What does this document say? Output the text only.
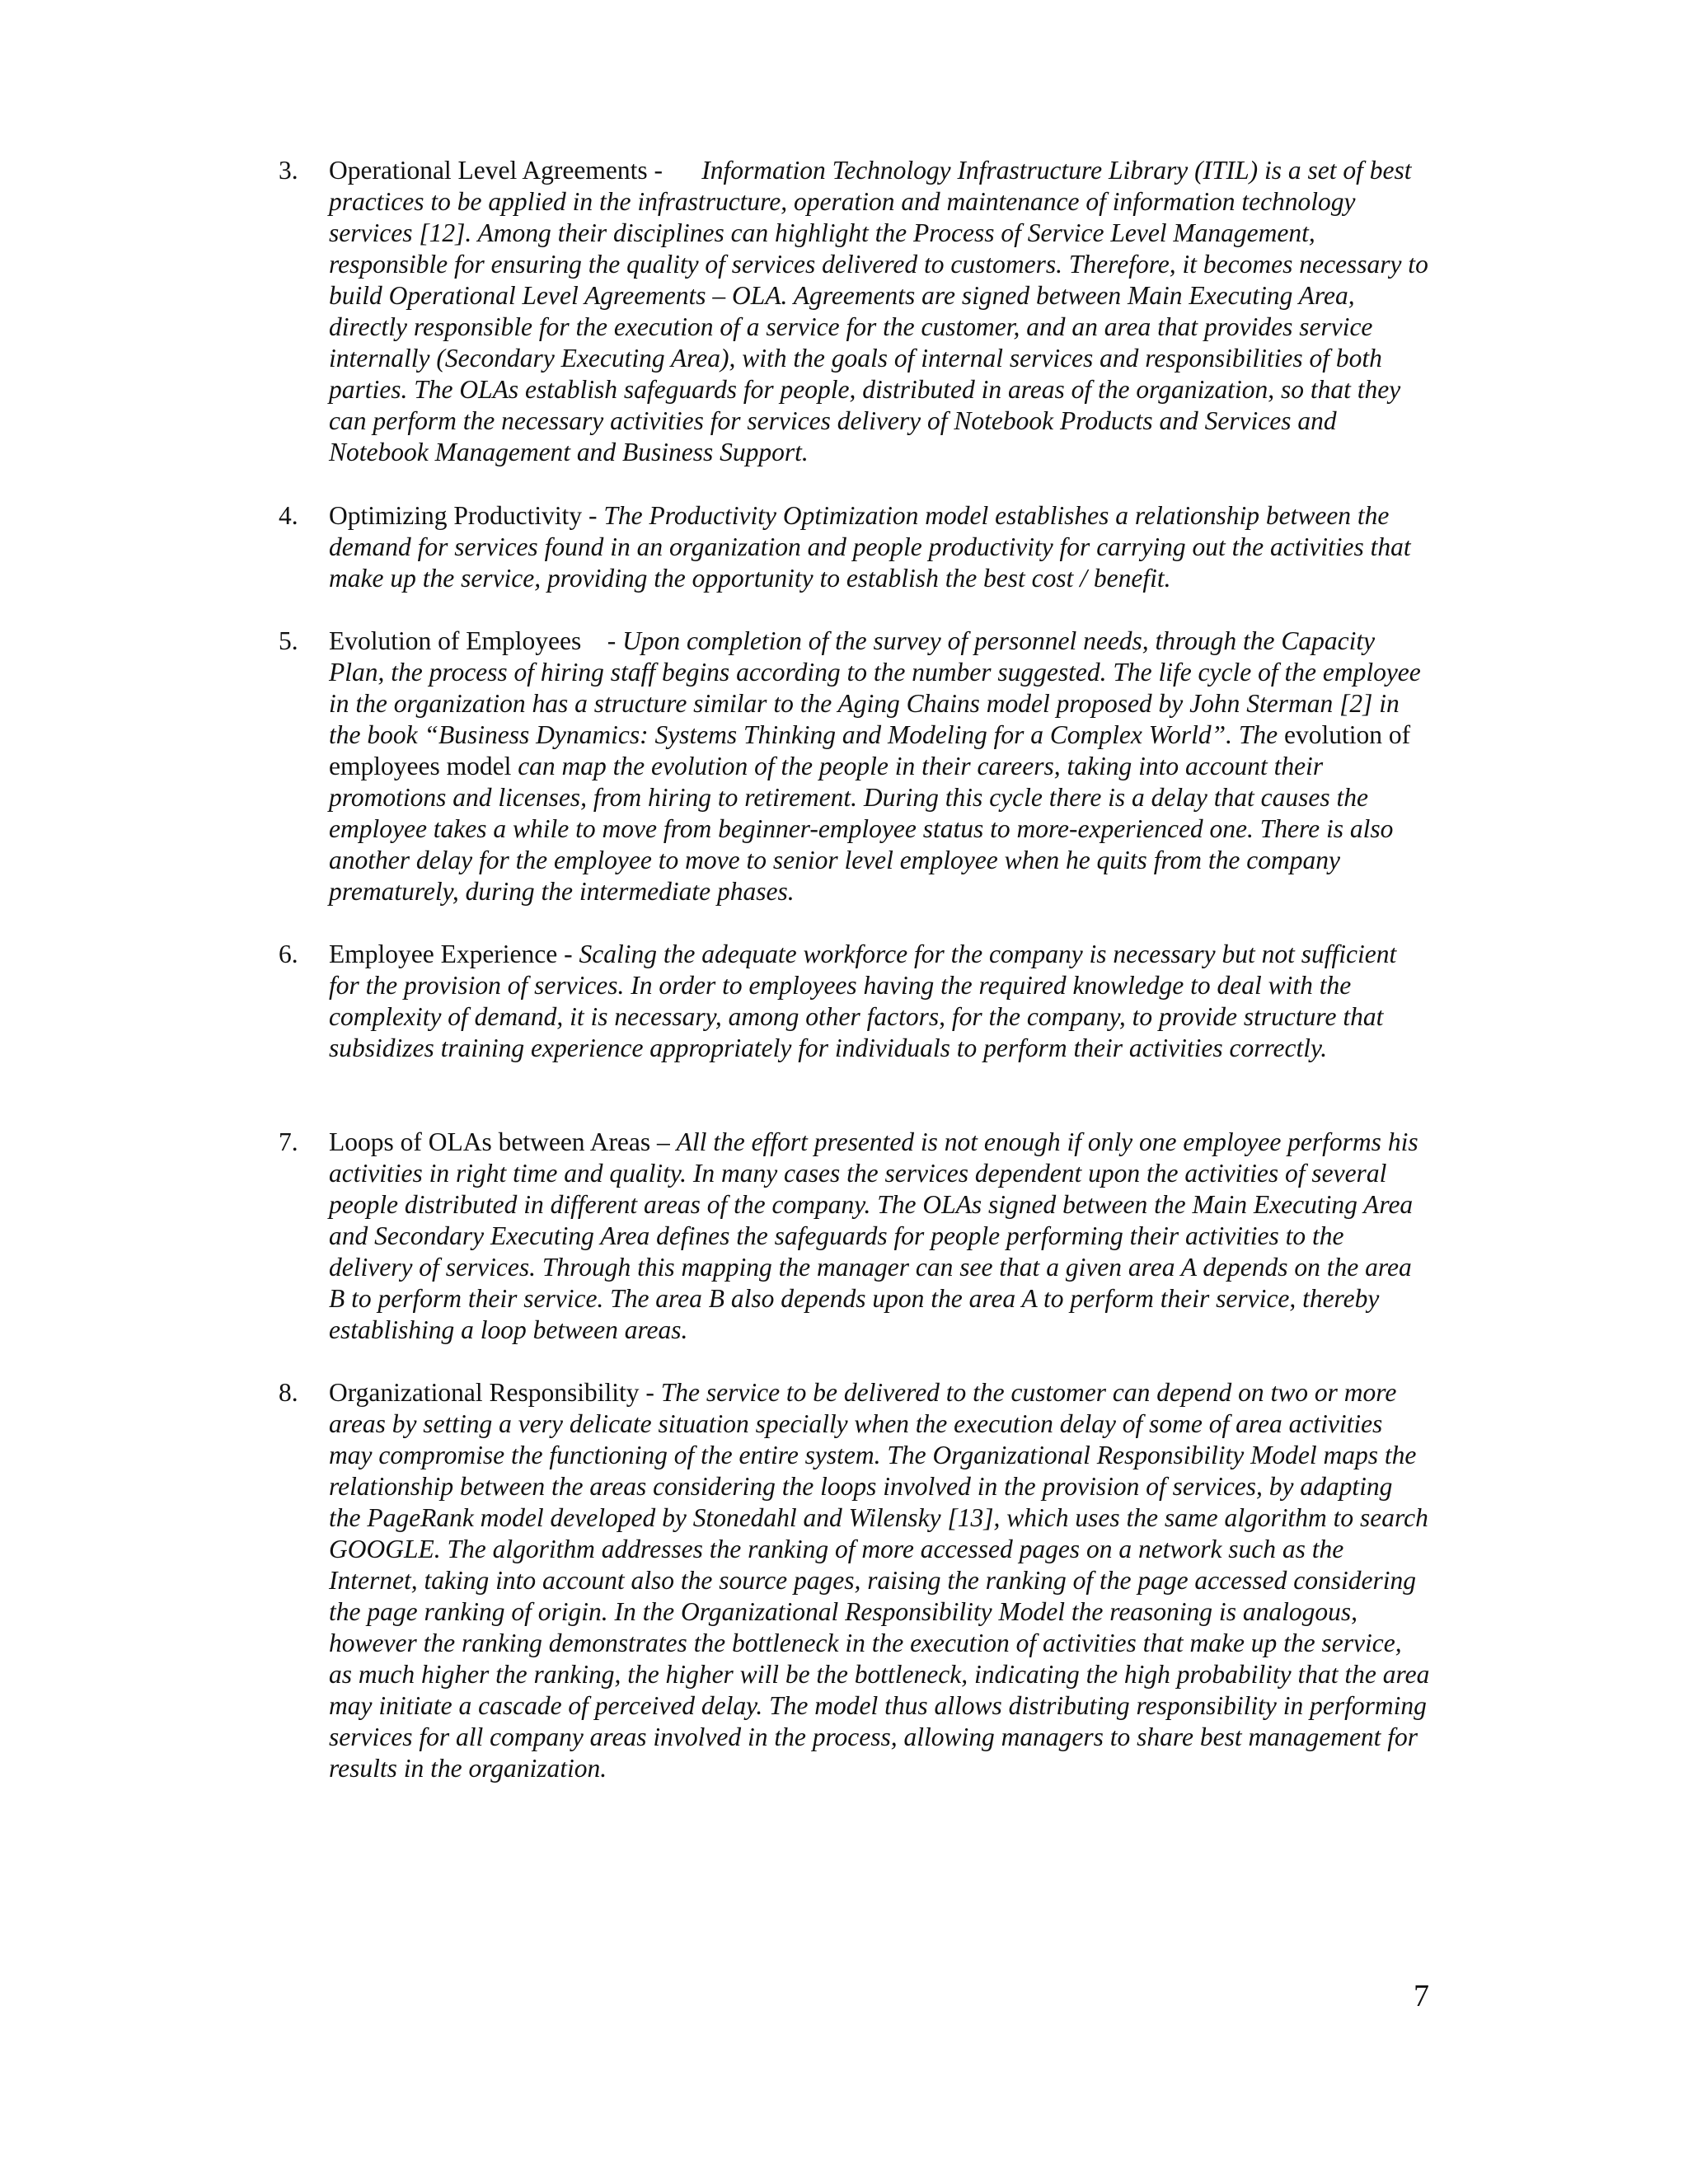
3.	Operational Level Agreements - Information Technology Infrastructure Library (ITIL) is a set of best practices to be applied in the infrastructure, operation and maintenance of information technology services [12]. Among their disciplines can highlight the Process of Service Level Management, responsible for ensuring the quality of services delivered to customers. Therefore, it becomes necessary to build Operational Level Agreements – OLA. Agreements are signed between Main Executing Area, directly responsible for the execution of a service for the customer, and an area that provides service internally (Secondary Executing Area), with the goals of internal services and responsibilities of both parties. The OLAs establish safeguards for people, distributed in areas of the organization, so that they can perform the necessary activities for services delivery of Notebook Products and Services and Notebook Management and Business Support.
4.	Optimizing Productivity - The Productivity Optimization model establishes a relationship between the demand for services found in an organization and people productivity for carrying out the activities that make up the service, providing the opportunity to establish the best cost / benefit.
5.	Evolution of Employees - Upon completion of the survey of personnel needs, through the Capacity Plan, the process of hiring staff begins according to the number suggested. The life cycle of the employee in the organization has a structure similar to the Aging Chains model proposed by John Sterman [2] in the book “Business Dynamics: Systems Thinking and Modeling for a Complex World”. The evolution of employees model can map the evolution of the people in their careers, taking into account their promotions and licenses, from hiring to retirement. During this cycle there is a delay that causes the employee takes a while to move from beginner-employee status to more-experienced one. There is also another delay for the employee to move to senior level employee when he quits from the company prematurely, during the intermediate phases.
6.	Employee Experience - Scaling the adequate workforce for the company is necessary but not sufficient for the provision of services. In order to employees having the required knowledge to deal with the complexity of demand, it is necessary, among other factors, for the company, to provide structure that subsidizes training experience appropriately for individuals to perform their activities correctly.
7.	Loops of OLAs between Areas – All the effort presented is not enough if only one employee performs his activities in right time and quality. In many cases the services dependent upon the activities of several people distributed in different areas of the company. The OLAs signed between the Main Executing Area and Secondary Executing Area defines the safeguards for people performing their activities to the delivery of services. Through this mapping the manager can see that a given area A depends on the area B to perform their service. The area B also depends upon the area A to perform their service, thereby establishing a loop between areas.
8.	Organizational Responsibility - The service to be delivered to the customer can depend on two or more areas by setting a very delicate situation specially when the execution delay of some of area activities may compromise the functioning of the entire system. The Organizational Responsibility Model maps the relationship between the areas considering the loops involved in the provision of services, by adapting the PageRank model developed by Stonedahl and Wilensky [13], which uses the same algorithm to search GOOGLE. The algorithm addresses the ranking of more accessed pages on a network such as the Internet, taking into account also the source pages, raising the ranking of the page accessed considering the page ranking of origin. In the Organizational Responsibility Model the reasoning is analogous, however the ranking demonstrates the bottleneck in the execution of activities that make up the service, as much higher the ranking, the higher will be the bottleneck, indicating the high probability that the area may initiate a cascade of perceived delay. The model thus allows distributing responsibility in performing services for all company areas involved in the process, allowing managers to share best management for results in the organization.
7
